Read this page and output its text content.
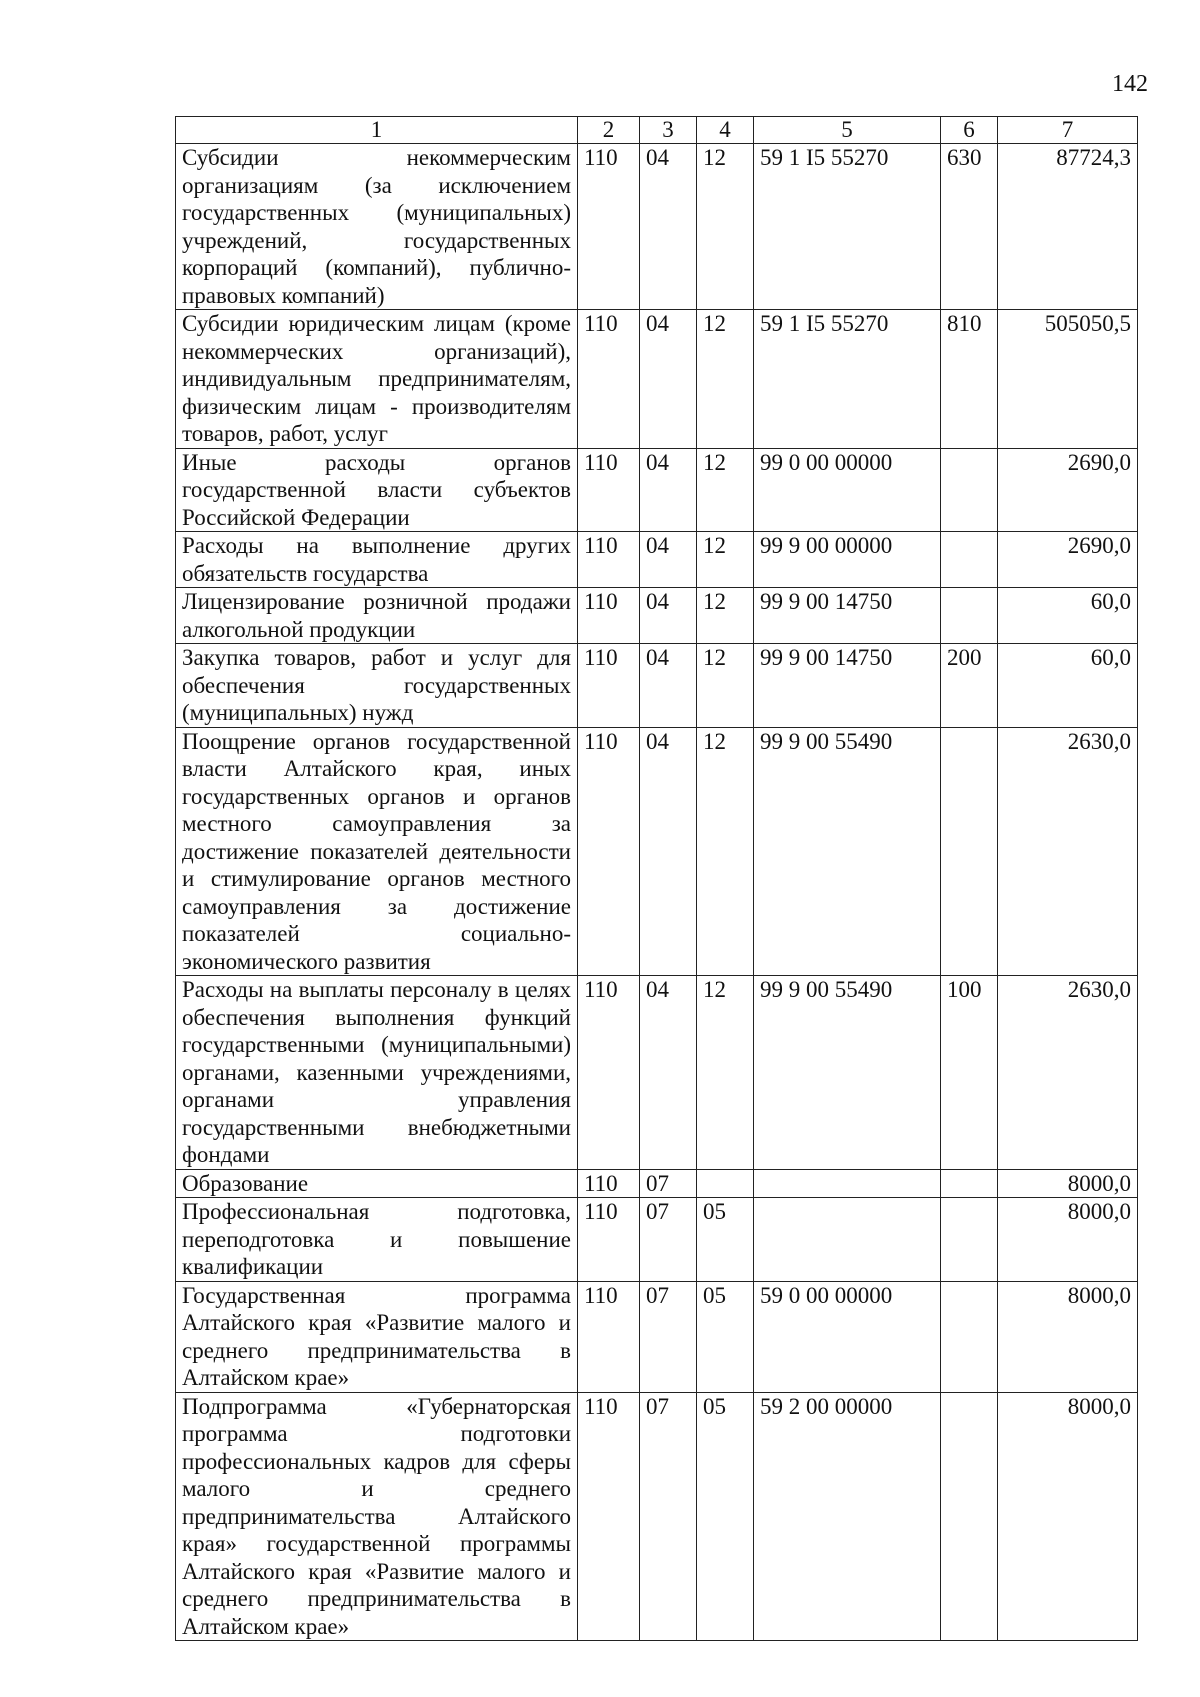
142
1	2	3	4	5	6	7
Субсидии некоммерческим организациям (за исключением государственных (муниципальных) учреждений, государственных корпораций (компаний), публично-правовых компаний)	110	04	12	59 1 I5 55270	630	87724,3
Субсидии юридическим лицам (кроме некоммерческих организаций), индивидуальным предпринимателям, физическим лицам - производителям товаров, работ, услуг	110	04	12	59 1 I5 55270	810	505050,5
Иные расходы органов государственной власти субъектов Российской Федерации	110	04	12	99 0 00 00000		2690,0
Расходы на выполнение других обязательств государства	110	04	12	99 9 00 00000		2690,0
Лицензирование розничной продажи алкогольной продукции	110	04	12	99 9 00 14750		60,0
Закупка товаров, работ и услуг для обеспечения государственных (муниципальных) нужд	110	04	12	99 9 00 14750	200	60,0
Поощрение органов государственной власти Алтайского края, иных государственных органов и органов местного самоуправления за достижение показателей деятельности и стимулирование органов местного самоуправления за достижение показателей социально-экономического развития	110	04	12	99 9 00 55490		2630,0
Расходы на выплаты персоналу в целях обеспечения выполнения функций государственными (муниципальными) органами, казенными учреждениями, органами управления государственными внебюджетными фондами	110	04	12	99 9 00 55490	100	2630,0
Образование	110	07				8000,0
Профессиональная подготовка, переподготовка и повышение квалификации	110	07	05			8000,0
Государственная программа Алтайского края «Развитие малого и среднего предпринимательства в Алтайском крае»	110	07	05	59 0 00 00000		8000,0
Подпрограмма «Губернаторская программа подготовки профессиональных кадров для сферы малого и среднего предпринимательства Алтайского края» государственной программы Алтайского края «Развитие малого и среднего предпринимательства в Алтайском крае»	110	07	05	59 2 00 00000		8000,0
